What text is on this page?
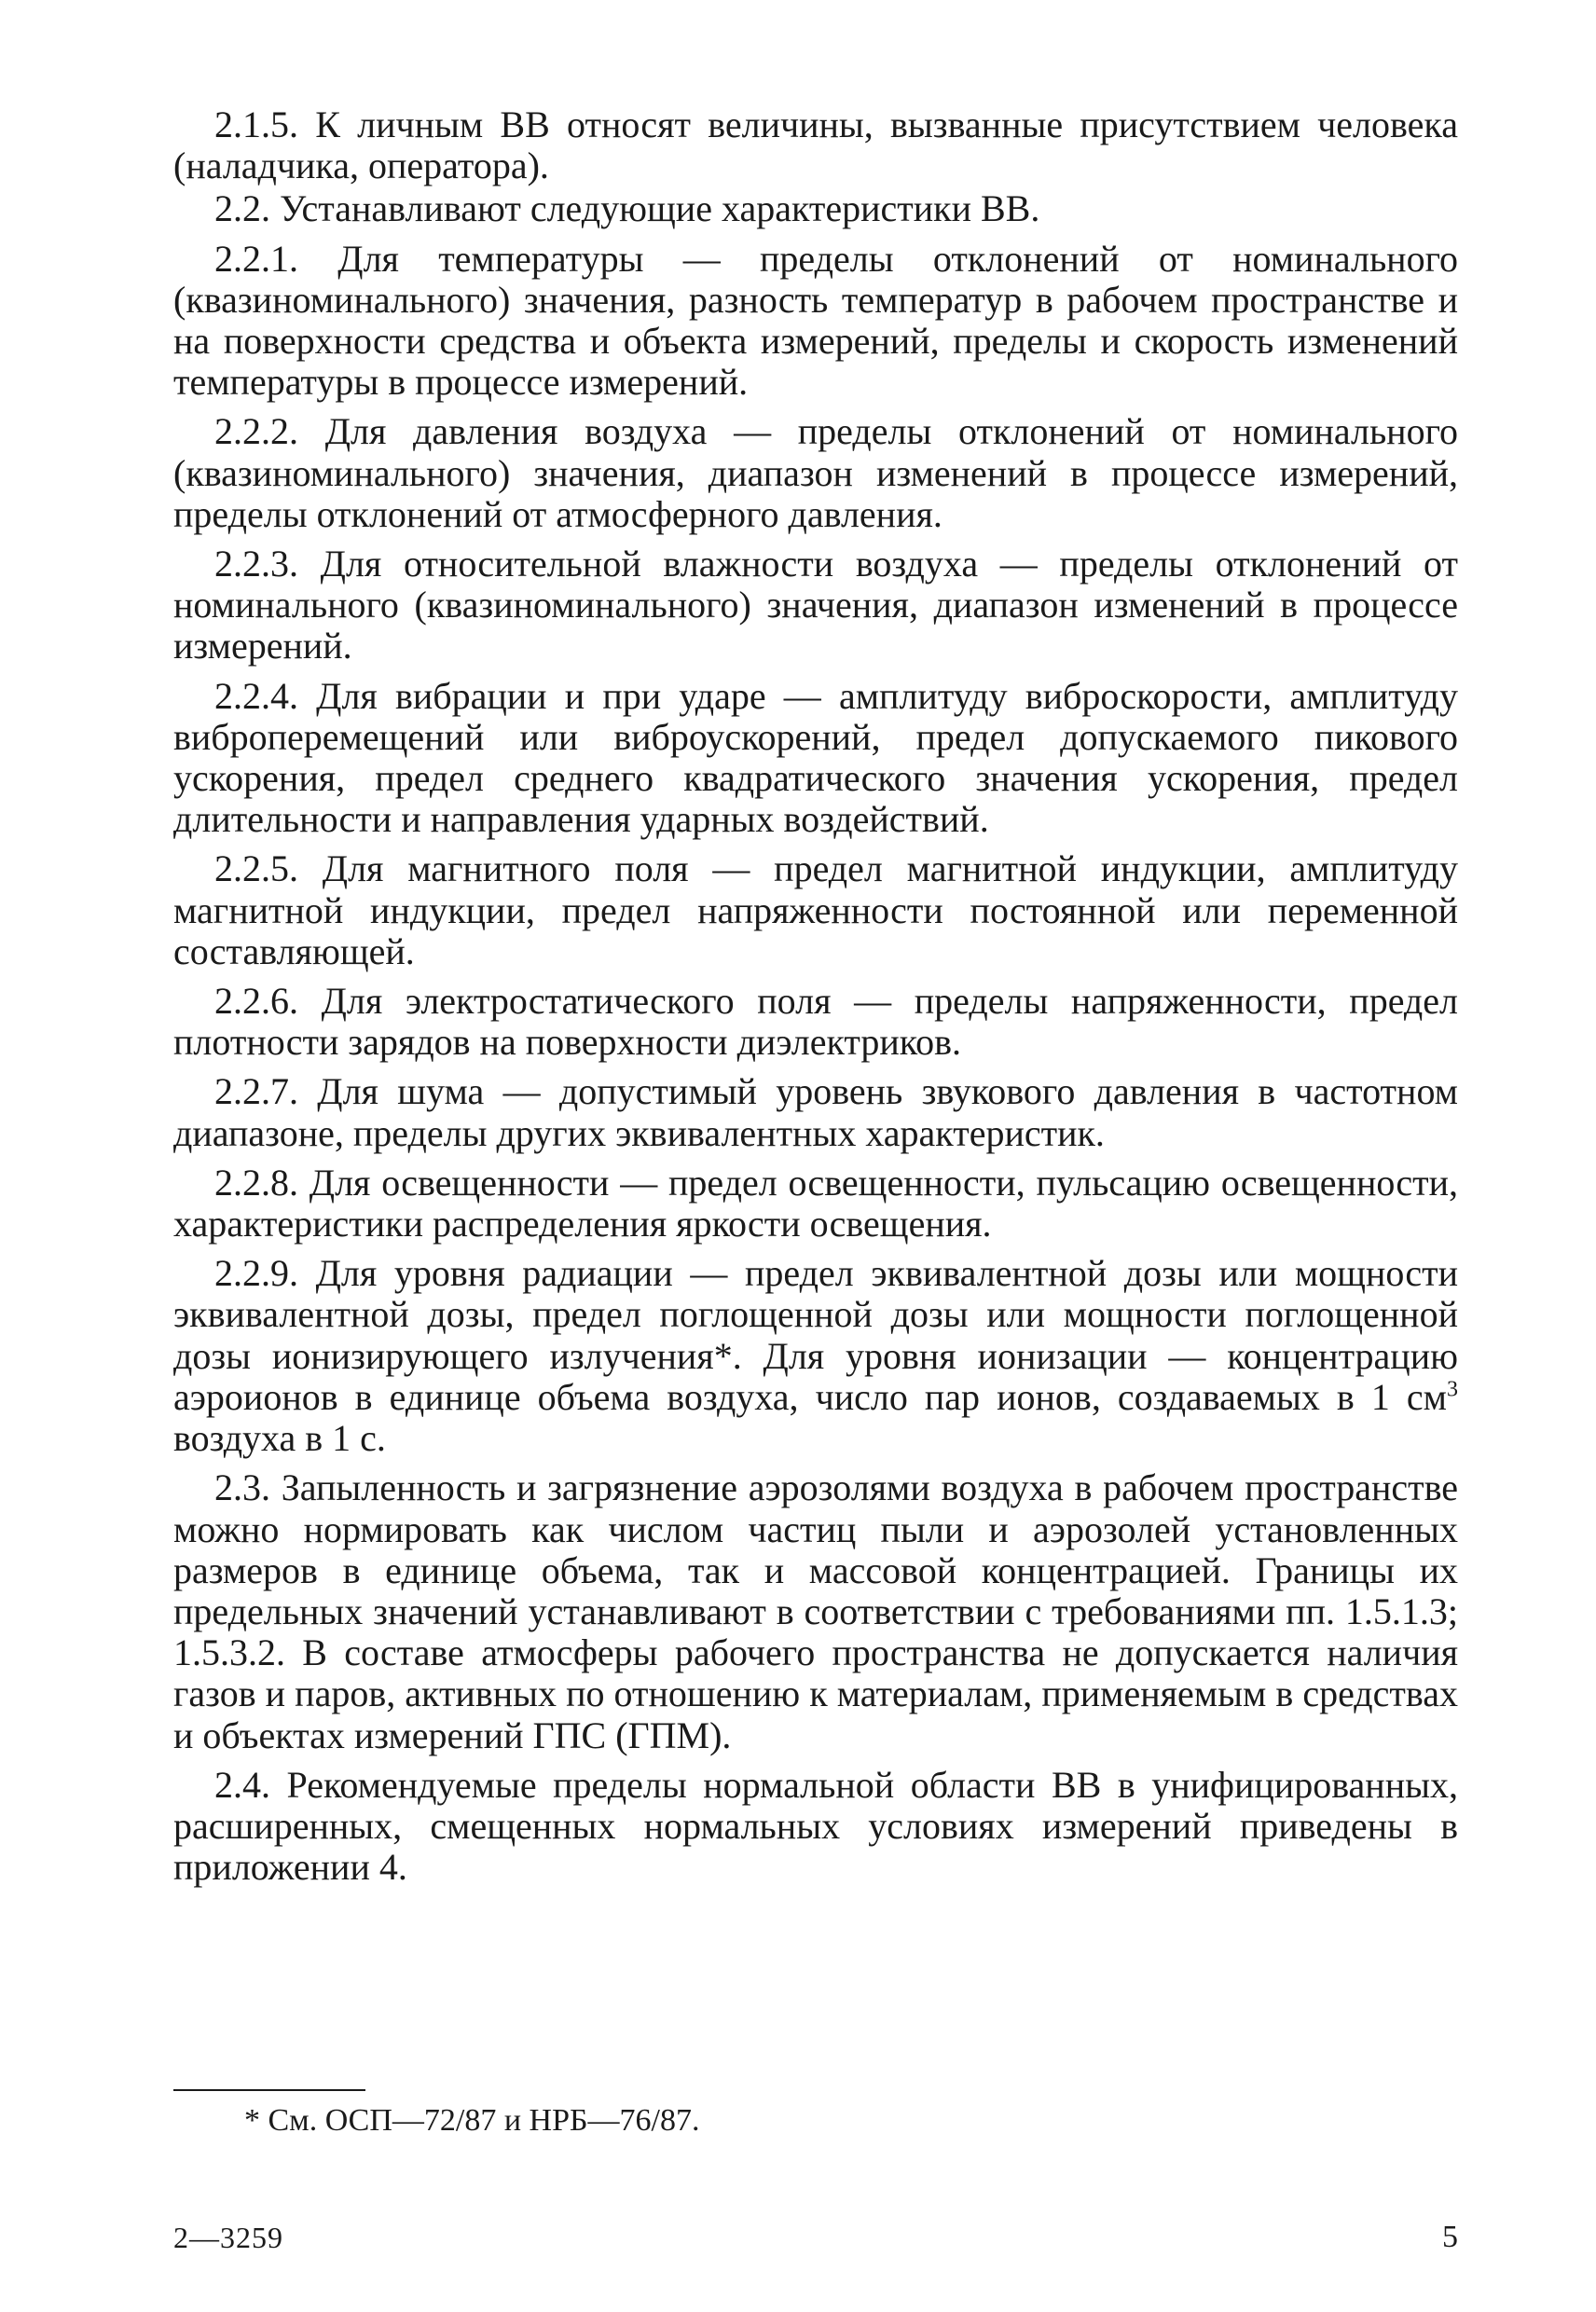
2.1.5. К личным ВВ относят величины, вызванные присутствием человека (наладчика, оператора).

2.2. Устанавливают следующие характеристики ВВ.

2.2.1. Для температуры — пределы отклонений от номинального (квазиноминального) значения, разность температур в рабочем пространстве и на поверхности средства и объекта измерений, пределы и скорость изменений температуры в процессе измерений.

2.2.2. Для давления воздуха — пределы отклонений от номинального (квазиноминального) значения, диапазон изменений в процессе измерений, пределы отклонений от атмосферного давления.

2.2.3. Для относительной влажности воздуха — пределы отклонений от номинального (квазиноминального) значения, диапазон изменений в процессе измерений.

2.2.4. Для вибрации и при ударе — амплитуду виброскорости, амплитуду виброперемещений или виброускорений, предел допускаемого пикового ускорения, предел среднего квадратического значения ускорения, предел длительности и направления ударных воздействий.

2.2.5. Для магнитного поля — предел магнитной индукции, амплитуду магнитной индукции, предел напряженности постоянной или переменной составляющей.

2.2.6. Для электростатического поля — пределы напряженности, предел плотности зарядов на поверхности диэлектриков.

2.2.7. Для шума — допустимый уровень звукового давления в частотном диапазоне, пределы других эквивалентных характеристик.

2.2.8. Для освещенности — предел освещенности, пульсацию освещенности, характеристики распределения яркости освещения.

2.2.9. Для уровня радиации — предел эквивалентной дозы или мощности эквивалентной дозы, предел поглощенной дозы или мощности поглощенной дозы ионизирующего излучения*. Для уровня ионизации — концентрацию аэроионов в единице объема воздуха, число пар ионов, создаваемых в 1 $см^3$ воздуха в 1 с.

2.3. Запыленность и загрязнение аэрозолями воздуха в рабочем пространстве можно нормировать как числом частиц пыли и аэрозолей установленных размеров в единице объема, так и массовой концентрацией. Границы их предельных значений устанавливают в соответствии с требованиями пп. 1.5.1.3; 1.5.3.2. В составе атмосферы рабочего пространства не допускается наличия газов и паров, активных по отношению к материалам, применяемым в средствах и объектах измерений ГПС (ГПМ).

2.4. Рекомендуемые пределы нормальной области ВВ в унифицированных, расширенных, смещенных нормальных условиях измерений приведены в приложении 4.

* См. ОСП—72/87 и НРБ—76/87.
2—3259	5
